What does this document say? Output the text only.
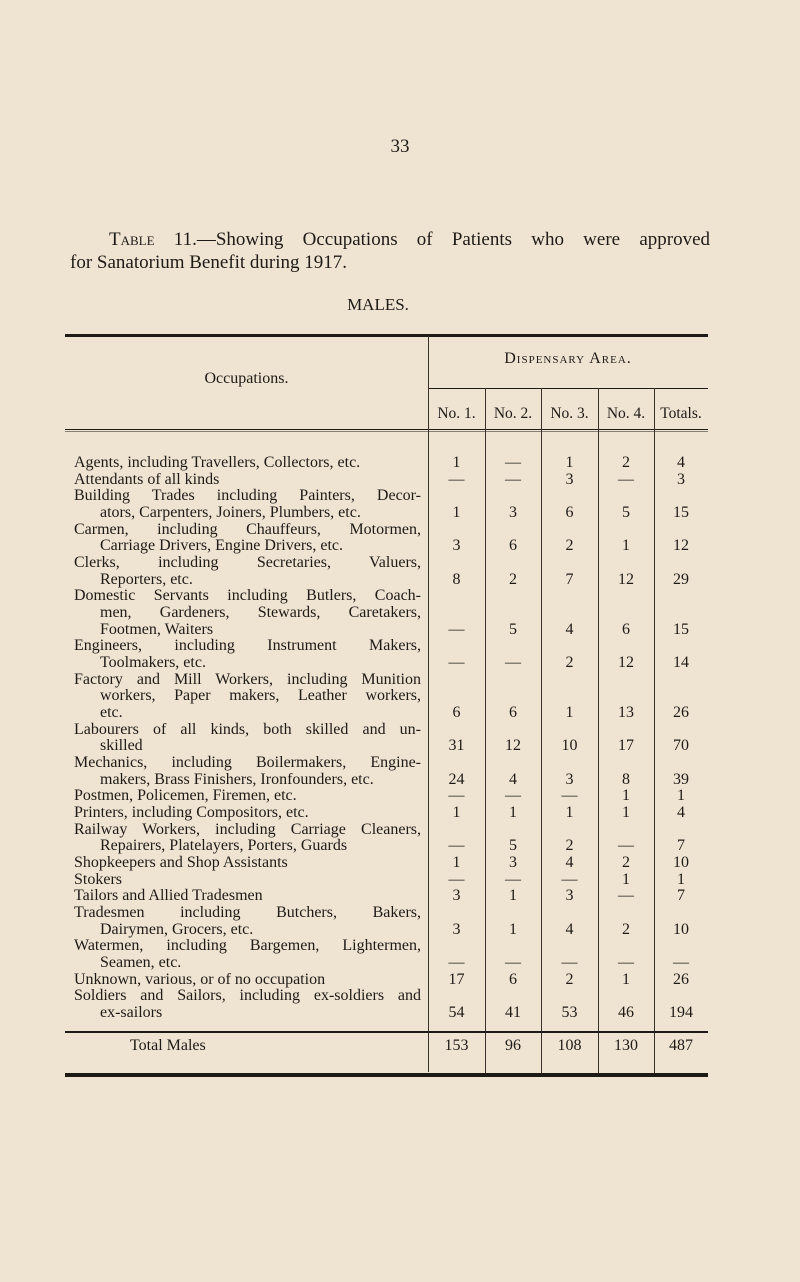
33
Table 11.—Showing Occupations of Patients who were approved
for Sanatorium Benefit during 1917.
MALES.
Occupations.
Dispensary Area.
No. 1.	No. 2.	No. 3.	No. 4. Totals.
Agents, including Travellers, Collectors, etc.	1	—	1	2	4
Attendants of all kinds	—	—	3	—	3
Building Trades including Painters, Decor-
ators, Carpenters, Joiners, Plumbers, etc.	1	3	6	5	15
Carmen, including Chauffeurs, Motormen,
Carriage Drivers, Engine Drivers, etc.	3	6	2	1	12
Clerks, including Secretaries, Valuers,
Reporters, etc.	8	2	7	12	29
Domestic Servants including Butlers, Coach-
men, Gardeners, Stewards, Caretakers,
Footmen, Waiters	—	5	4	6	15
Engineers, including Instrument Makers,
Toolmakers, etc.	—	—	2	12	14
Factory and Mill Workers, including Munition
workers, Paper makers, Leather workers,
etc.	6	6	1	13	26
Labourers of all kinds, both skilled and un-
skilled	31	12	10	17	70
Mechanics, including Boilermakers, Engine-
makers, Brass Finishers, Ironfounders, etc.	24	4	3	8	39
Postmen, Policemen, Firemen, etc.	—	—	—	1	1
Printers, including Compositors, etc.	1	1	1	1	4
Railway Workers, including Carriage Cleaners,
Repairers, Platelayers, Porters, Guards	—	5	2	—	7
Shopkeepers and Shop Assistants	1	3	4	2	10
Stokers	—	—	—	1	1
Tailors and Allied Tradesmen	3	1	3	—	7
Tradesmen including Butchers, Bakers,
Dairymen, Grocers, etc.	3	1	4	2	10
Watermen, including Bargemen, Lightermen,
Seamen, etc.	—	—	—	—	—
Unknown, various, or of no occupation	17	6	2	1	26
Soldiers and Sailors, including ex-soldiers and
ex-sailors	54	41	53	46	194
Total Males	153	96	108	130	487
